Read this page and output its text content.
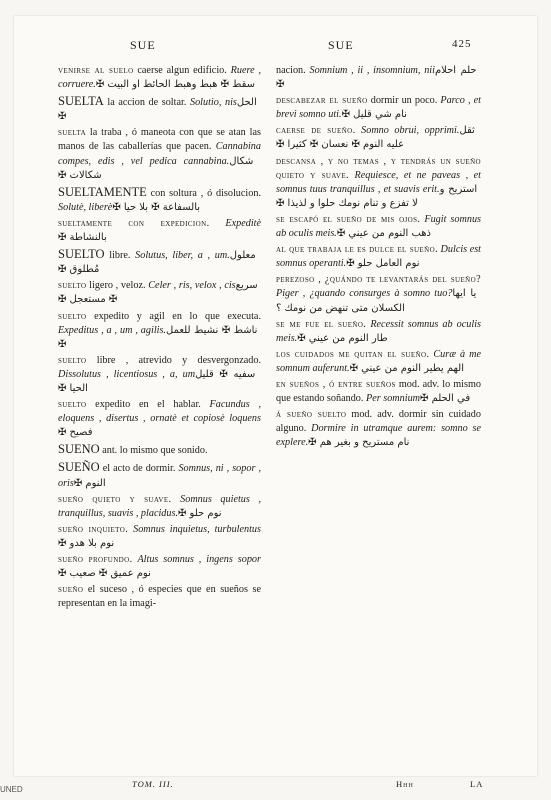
SUE	SUE	425

venirse al suelo caerse algun edificio. Ruere , corruere. سقط ✠ هبط وهبط الحائط او البيت ✠

SUELTA la accion de soltar. Solutio, nis الحل ✠

suelta la traba , ó maneota con que se atan las manos de las caballerías que pacen. Cannabina compes, edis , vel pedica cannabina. شكال شكالات ✠

SUELTAMENTE con soltura , ó disolucion. Solutè, liberè بالسفاعة ✠ بلا حيا ✠

sueltamente con expedicion. Expeditè بالنشاطة ✠

SUELTO libre. Solutus, liber, a , um. معلول مُطلوق ✠

suelto ligero , veloz. Celer , ris, velox , cis سريع ✠ مستعجل ✠

suelto expedito y agil en lo que executa. Expeditus , a , um , agilis. ناشط ✠ نشيط للعمل ✠

suelto libre , atrevido y desvergonzado. Dissolutus , licentiosus , a, um سفيه ✠ قليل الحيا ✠

suelto expedito en el hablar. Facundus , eloquens , disertus , ornatè et copiosè loquens فصيح ✠

SUENO ant. lo mismo que sonido.

SUEÑO el acto de dormir. Somnus, ni , sopor , oris النوم ✠

sueño quieto y suave. Somnus quietus , tranquillus, suavis , placidus. نوم حلو ✠

sueño inquieto. Somnus inquietus, turbulentus نوم بلا هدو ✠

sueño profundo. Altus somnus , ingens sopor نوم عميق ✠ صعيب ✠

sueño el suceso , ó especies que en sueños se representan en la imagi-

nacion. Somnium , ii , insomnium, nii حلم احلام ✠

descabezar el sueño dormir un poco. Parco , et brevi somno uti. نام شي قليل ✠

caerse de sueño. Somno obrui, opprimi. ثقل عليه النوم ✠ نعسان ✠ كثيرا ✠

descansa , y no temas , y tendrás un sueño quieto y suave. Requiesce, et ne paveas , et somnus tuus tranquillus , et suavis erit. استريح و لا تفزع و تنام نومك حلوا و لذيذا ✠

se escapó el sueño de mis ojos. Fugit somnus ab oculis meis. ذهب النوم من عيني ✠

al que trabaja le es dulce el sueño. Dulcis est somnus operanti. نوم العامل حلو ✠

perezoso , ¿quándo te levantarás del sueño? Piger , ¿quando consurges à somno tuo? يا ايها الكسلان متى تنهض من نومك ؟

se me fue el sueño. Recessit somnus ab oculis meis. طار النوم من عيني ✠

los cuidados me quitan el sueño. Curæ à me somnum auferunt. الهم يطير النوم من عيني ✠

en sueños , ó entre sueños mod. adv. lo mismo que estando soñando. Per somnium في الحلم ✠

á sueño suelto mod. adv. dormir sin cuidado alguno. Dormire in utramque aurem: somno se explere. نام مستريح و بغير هم ✠

TOM. III.	Hhh	LA
UNED
